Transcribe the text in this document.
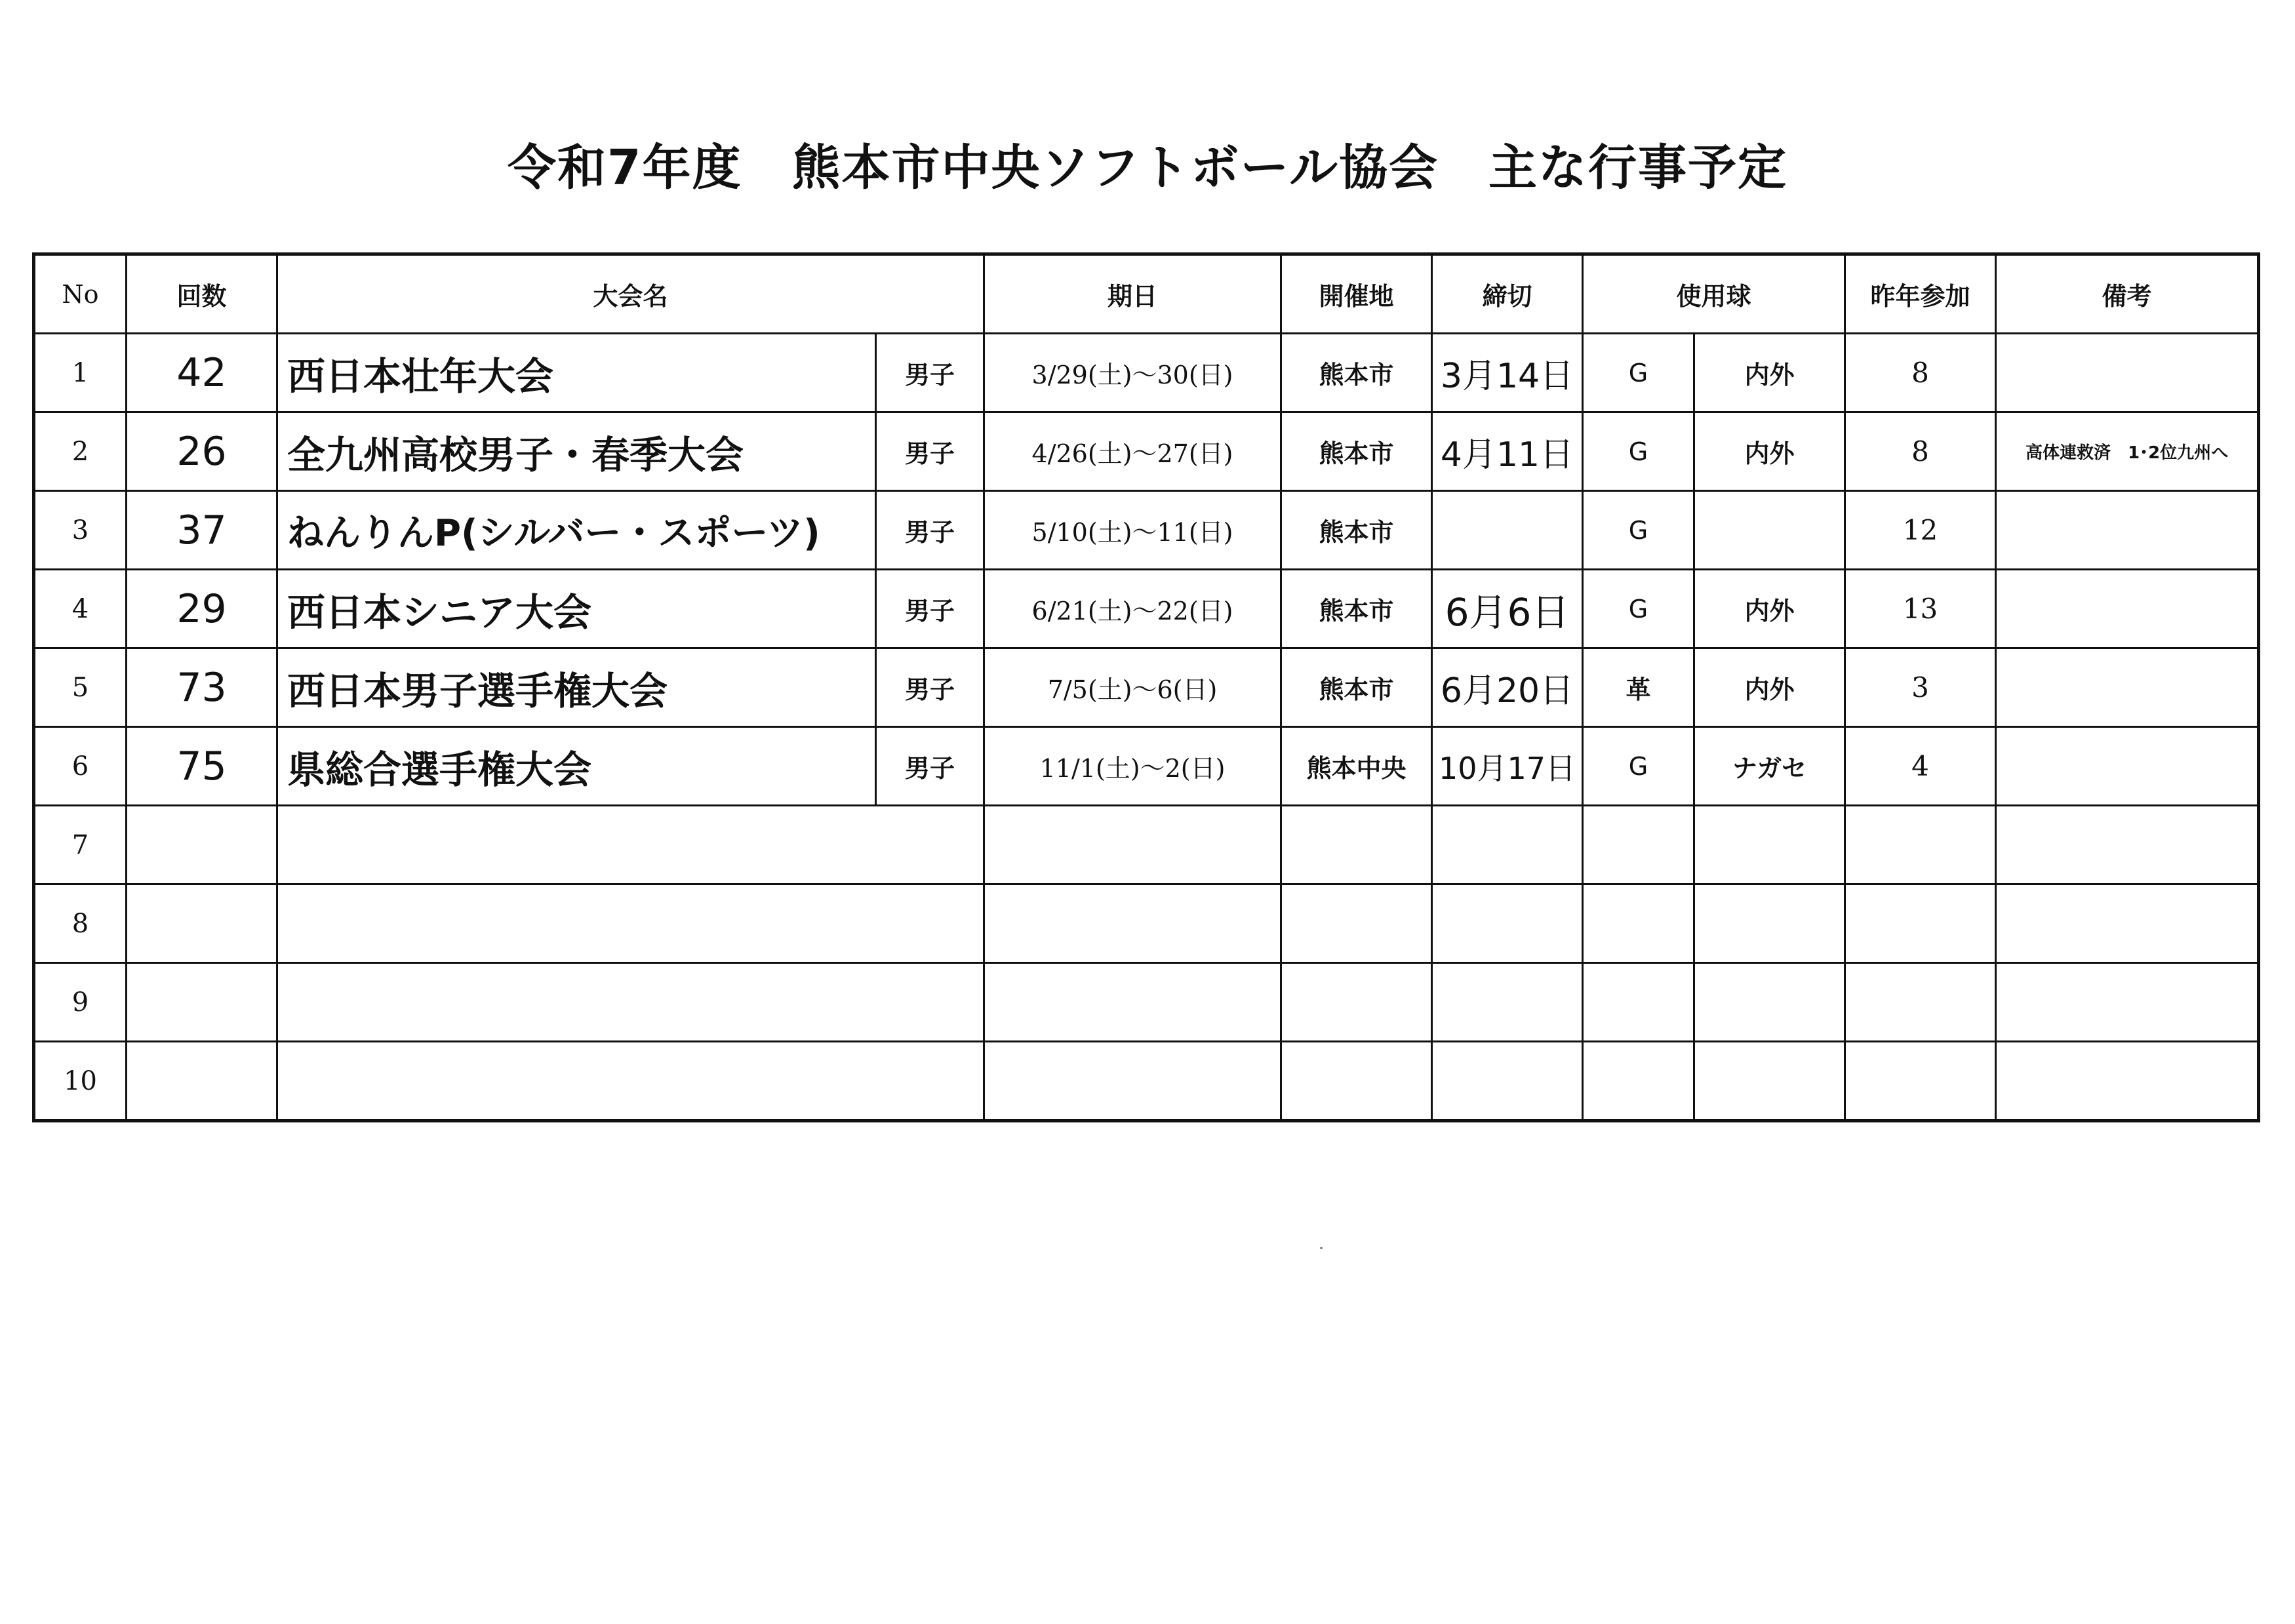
令和7年度　熊本市中央ソフトボール協会　主な行事予定
No	回数	大会名		期日	開催地	締切	使用球		昨年参加	備考
1	42	西日本壮年大会	男子	3/29(土)～30(日)	熊本市	3月14日	G	内外	8	
2	26	全九州高校男子・春季大会	男子	4/26(土)～27(日)	熊本市	4月11日	G	内外	8	高体連救済　1･2位九州へ
3	37	ねんりんP(シルバー・スポーツ)	男子	5/10(土)～11(日)	熊本市		G		12	
4	29	西日本シニア大会	男子	6/21(土)～22(日)	熊本市	6月6日	G	内外	13	
5	73	西日本男子選手権大会	男子	7/5(土)～6(日)	熊本市	6月20日	革	内外	3	
6	75	県総合選手権大会	男子	11/1(土)～2(日)	熊本中央	10月17日	G	ナガセ	4	
7										
8										
9										
10										
